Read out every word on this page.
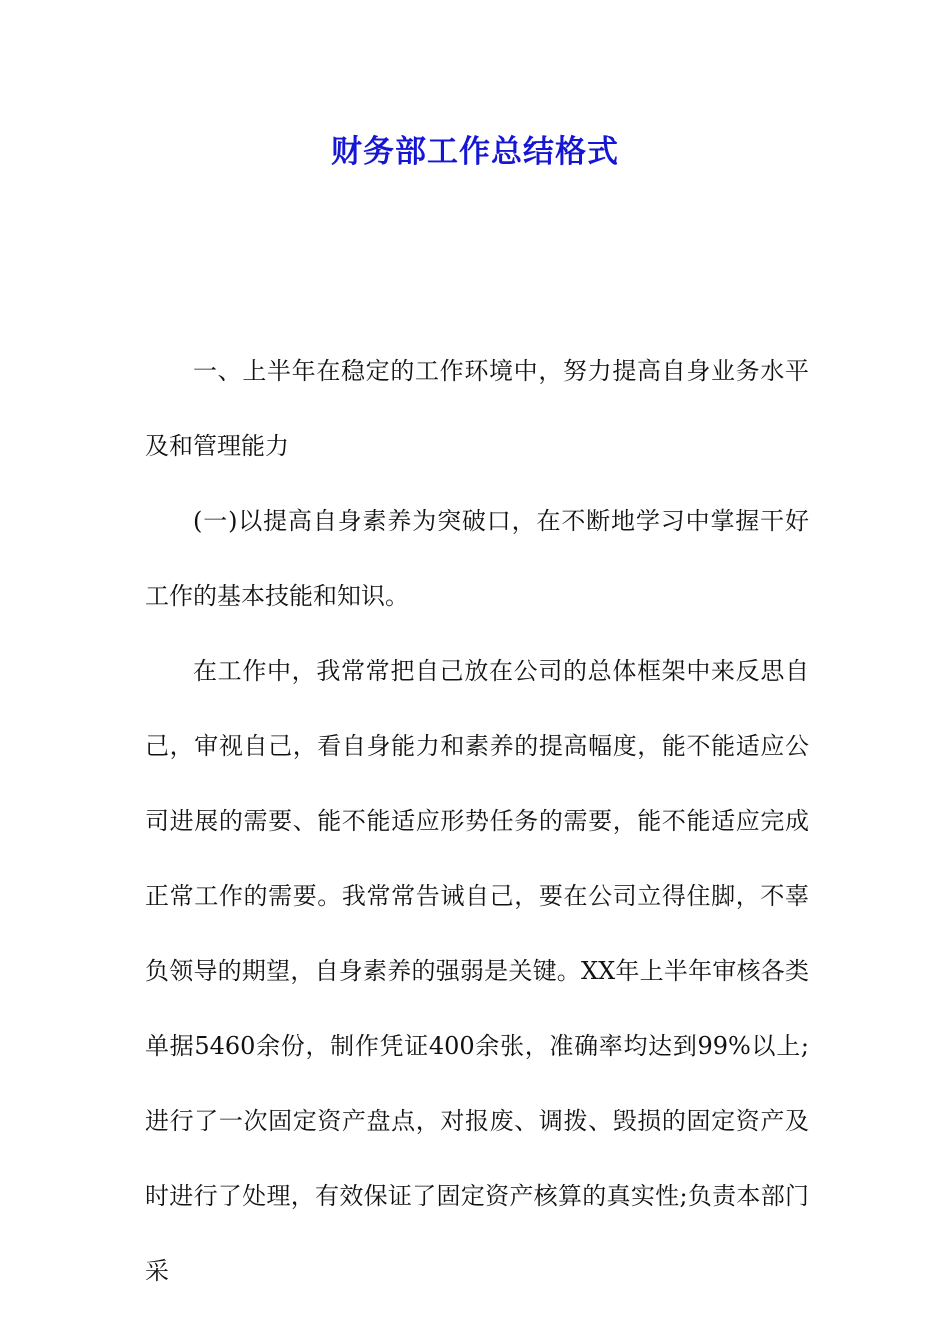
财务部工作总结格式

一、上半年在稳定的工作环境中，努力提高自身业务水平及和管理能力

(一)以提高自身素养为突破口，在不断地学习中掌握干好工作的基本技能和知识。

在工作中，我常常把自己放在公司的总体框架中来反思自己，审视自己，看自身能力和素养的提高幅度，能不能适应公司进展的需要、能不能适应形势任务的需要，能不能适应完成正常工作的需要。我常常告诫自己，要在公司立得住脚，不辜负领导的期望，自身素养的强弱是关键。XX年上半年审核各类单据5460余份，制作凭证400余张，准确率均达到99%以上;进行了一次固定资产盘点，对报废、调拨、毁损的固定资产及时进行了处理，有效保证了固定资产核算的真实性;负责本部门采
